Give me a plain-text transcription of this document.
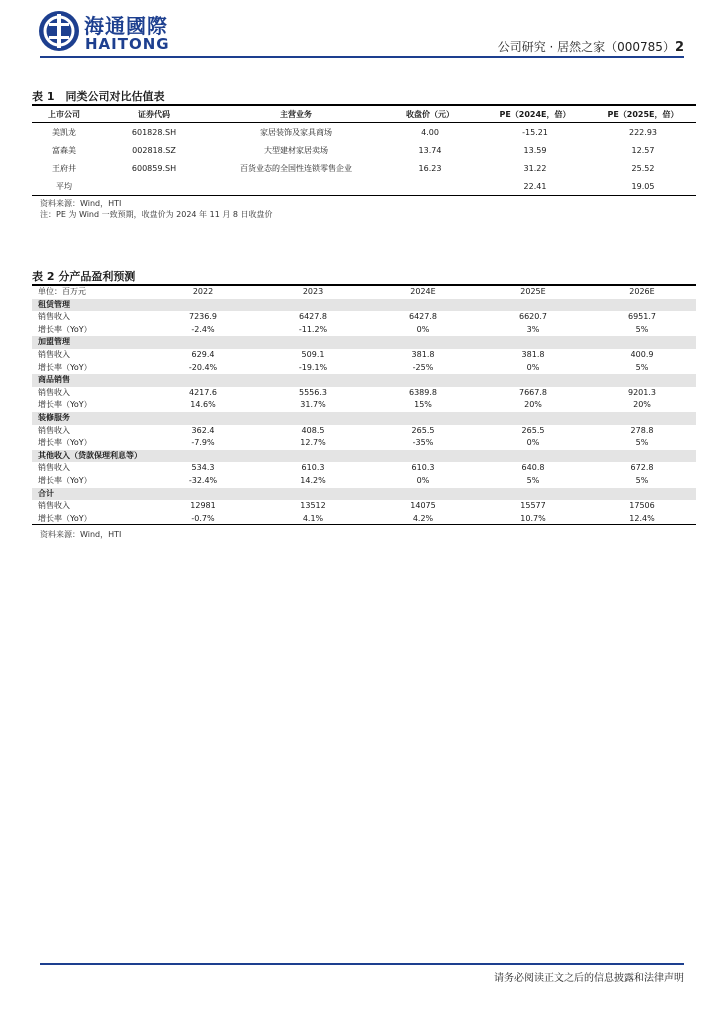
海通國際
HAITONG	公司研究 · 居然之家（000785）2
表 1　同类公司对比估值表
上市公司	证券代码	主营业务	收盘价（元）	PE（2024E，倍）	PE（2025E，倍）
美凯龙	601828.SH	家居装饰及家具商场	4.00	-15.21	222.93
富森美	002818.SZ	大型建材家居卖场	13.74	13.59	12.57
王府井	600859.SH	百货业态的全国性连锁零售企业	16.23	31.22	25.52
平均				22.41	19.05
资料来源：Wind，HTI
注：PE 为 Wind 一致预期，收盘价为 2024 年 11 月 8 日收盘价
表 2 分产品盈利预测
单位：百万元	2022	2023	2024E	2025E	2026E
租赁管理					
销售收入	7236.9	6427.8	6427.8	6620.7	6951.7
增长率（YoY）	-2.4%	-11.2%	0%	3%	5%
加盟管理					
销售收入	629.4	509.1	381.8	381.8	400.9
增长率（YoY）	-20.4%	-19.1%	-25%	0%	5%
商品销售					
销售收入	4217.6	5556.3	6389.8	7667.8	9201.3
增长率（YoY）	14.6%	31.7%	15%	20%	20%
装修服务					
销售收入	362.4	408.5	265.5	265.5	278.8
增长率（YoY）	-7.9%	12.7%	-35%	0%	5%
其他收入（贷款保理利息等）					
销售收入	534.3	610.3	610.3	640.8	672.8
增长率（YoY）	-32.4%	14.2%	0%	5%	5%
合计					
销售收入	12981	13512	14075	15577	17506
增长率（YoY）	-0.7%	4.1%	4.2%	10.7%	12.4%
资料来源：Wind，HTI
请务必阅读正文之后的信息披露和法律声明
